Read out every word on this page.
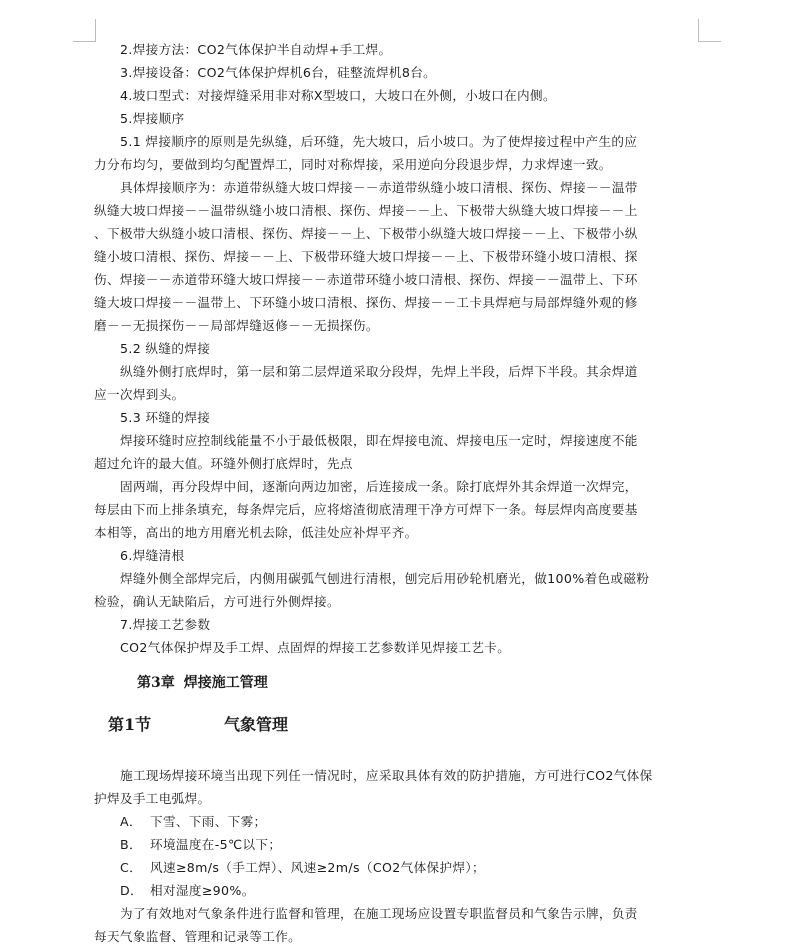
2.焊接方法：CO2气体保护半自动焊+手工焊。
3.焊接设备：CO2气体保护焊机6台，硅整流焊机8台。
4.坡口型式：对接焊缝采用非对称X型坡口，大坡口在外侧，小坡口在内侧。
5.焊接顺序
5.1 焊接顺序的原则是先纵缝，后环缝，先大坡口，后小坡口。为了使焊接过程中产生的应
力分布均匀，要做到均匀配置焊工，同时对称焊接，采用逆向分段退步焊，力求焊速一致。
具体焊接顺序为：赤道带纵缝大坡口焊接－－赤道带纵缝小坡口清根、探伤、焊接－－温带
纵缝大坡口焊接－－温带纵缝小坡口清根、探伤、焊接－－上、下极带大纵缝大坡口焊接－－上
、下极带大纵缝小坡口清根、探伤、焊接－－上、下极带小纵缝大坡口焊接－－上、下极带小纵
缝小坡口清根、探伤、焊接－－上、下极带环缝大坡口焊接－－上、下极带环缝小坡口清根、探
伤、焊接－－赤道带环缝大坡口焊接－－赤道带环缝小坡口清根、探伤、焊接－－温带上、下环
缝大坡口焊接－－温带上、下环缝小坡口清根、探伤、焊接－－工卡具焊疤与局部焊缝外观的修
磨－－无损探伤－－局部焊缝返修－－无损探伤。
5.2 纵缝的焊接
纵缝外侧打底焊时，第一层和第二层焊道采取分段焊，先焊上半段，后焊下半段。其余焊道
应一次焊到头。
5.3 环缝的焊接
焊接环缝时应控制线能量不小于最低极限，即在焊接电流、焊接电压一定时，焊接速度不能
超过允许的最大值。环缝外侧打底焊时，先点
固两端，再分段焊中间，逐渐向两边加密，后连接成一条。除打底焊外其余焊道一次焊完，
每层由下而上排条填充，每条焊完后，应将熔渣彻底清理干净方可焊下一条。每层焊肉高度要基
本相等，高出的地方用磨光机去除，低洼处应补焊平齐。
6.焊缝清根
焊缝外侧全部焊完后，内侧用碳弧气刨进行清根，刨完后用砂轮机磨光，做100%着色或磁粉
检验，确认无缺陷后，方可进行外侧焊接。
7.焊接工艺参数
CO2气体保护焊及手工焊、点固焊的焊接工艺参数详见焊接工艺卡。
第3章 焊接施工管理
第1节	气象管理
施工现场焊接环境当出现下列任一情况时，应采取具体有效的防护措施，方可进行CO2气体保
护焊及手工电弧焊。
A． 下雪、下雨、下雾；
B． 环境温度在-5℃以下；
C． 风速≥8m/s（手工焊）、风速≥2m/s（CO2气体保护焊）；
D． 相对湿度≥90%。
为了有效地对气象条件进行监督和管理，在施工现场应设置专职监督员和气象告示牌，负责
每天气象监督、管理和记录等工作。
